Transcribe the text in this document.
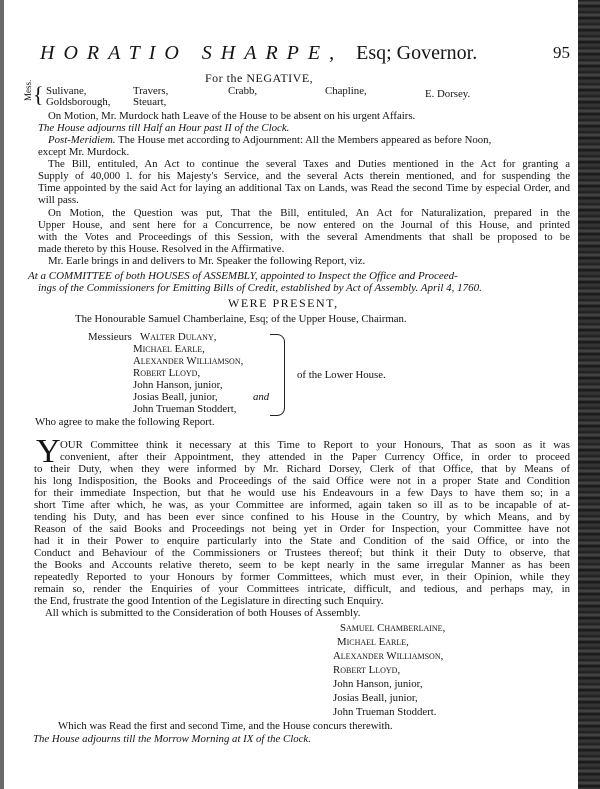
HORATIO SHARPE, Esq; Governor.	95
For the NEGATIVE,
Mess. { Sulivane,	Travers,	Crabb,	Chapline,	E. Dorsey.
Goldsborough, Steuart,
On Motion, Mr. Murdock hath Leave of the House to be absent on his urgent Affairs.
The House adjourns till Half an Hour past II of the Clock.
Post-Meridiem. The House met according to Adjournment: All the Members appeared as before Noon,
except Mr. Murdock.
The Bill, entituled, An Act to continue the several Taxes and Duties mentioned in the Act for granting a
Supply of 40,000 l. for his Majesty's Service, and the several Acts therein mentioned, and for suspending the
Time appointed by the said Act for laying an additional Tax on Lands, was Read the second Time by especial Order, and will pass.
On Motion, the Question was put, That the Bill, entituled, An Act for Naturalization, prepared in the
Upper House, and sent here for a Concurrence, be now entered on the Journal of this House, and printed
with the Votes and Proceedings of this Session, with the several Amendments that shall be proposed to be
made thereto by this House. Resolved in the Affirmative.
Mr. Earle brings in and delivers to Mr. Speaker the following Report, viz.
At a COMMITTEE of both HOUSES of ASSEMBLY, appointed to Inspect the Office and Proceed-
ings of the Commissioners for Emitting Bills of Credit, established by Act of Assembly. April 4, 1760.
WERE PRESENT,
The Honourable Samuel Chamberlaine, Esq; of the Upper House, Chairman.
Messieurs Walter Dulany,
Michael Earle,
Alexander Williamson,
Robert Lloyd,
John Hanson, junior,
Josias Beall, junior,	and
John Trueman Stoddert,
of the Lower House.
Who agree to make the following Report.
Y OUR Committee think it necessary at this Time to Report to your Honours, That as soon as it was
convenient, after their Appointment, they attended in the Paper Currency Office, in order to proceed
to their Duty, when they were informed by Mr. Richard Dorsey, Clerk of that Office, that by Means of
his long Indisposition, the Books and Proceedings of the said Office were not in a proper State and Condition
for their immediate Inspection, but that he would use his Endeavours in a few Days to have them so; in a
short Time after which, he was, as your Committee are informed, again taken so ill as to be incapable of at-
tending his Duty, and has been ever since confined to his House in the Country, by which Means, and by
Reason of the said Books and Proceedings not being yet in Order for Inspection, your Committee have not
had it in their Power to enquire particularly into the State and Condition of the said Office, or into the
Conduct and Behaviour of the Commissioners or Trustees thereof; but think it their Duty to observe, that
the Books and Accounts relative thereto, seem to be kept nearly in the same irregular Manner as has been
repeatedly Reported to your Honours by former Committees, which must ever, in their Opinion, while they
remain so, render the Enquiries of your Committees intricate, difficult, and tedious, and perhaps may, in
the End, frustrate the good Intention of the Legislature in directing such Enquiry.
All which is submitted to the Consideration of both Houses of Assembly.
Samuel Chamberlaine,
Michael Earle,
Alexander Williamson,
Robert Lloyd,
John Hanson, junior,
Josias Beall, junior,
John Trueman Stoddert.
Which was Read the first and second Time, and the House concurs therewith.
The House adjourns till the Morrow Morning at IX of the Clock.
